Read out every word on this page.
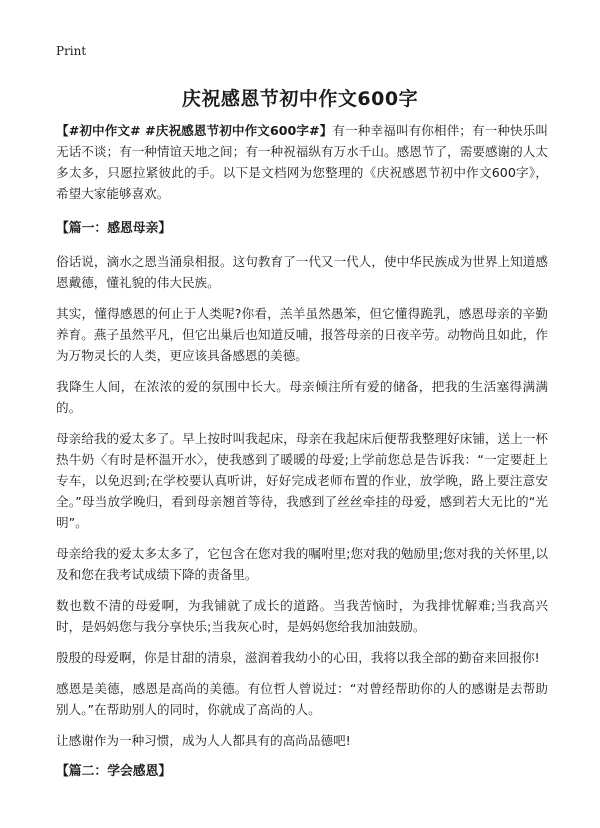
Print
庆祝感恩节初中作文600字

【#初中作文# #庆祝感恩节初中作文600字#】有一种幸福叫有你相伴；有一种快乐叫无话不谈；有一种情谊天地之间；有一种祝福纵有万水千山。感恩节了，需要感谢的人太多太多，只愿拉紧彼此的手。以下是文档网为您整理的《庆祝感恩节初中作文600字》，希望大家能够喜欢。

【篇一：感恩母亲】

俗话说，滴水之恩当涌泉相报。这句教育了一代又一代人，使中华民族成为世界上知道感恩戴德，懂礼貌的伟大民族。

其实，懂得感恩的何止于人类呢?你看，羔羊虽然愚笨，但它懂得跪乳，感恩母亲的辛勤养育。燕子虽然平凡，但它出巢后也知道反哺，报答母亲的日夜辛劳。动物尚且如此，作为万物灵长的人类，更应该具备感恩的美德。

我降生人间，在浓浓的爱的氛围中长大。母亲倾注所有爱的储备，把我的生活塞得满满的。

母亲给我的爱太多了。早上按时叫我起床，母亲在我起床后便帮我整理好床铺，送上一杯热牛奶〈有时是杯温开水〉，使我感到了暖暖的母爱;上学前您总是告诉我：“一定要赶上专车，以免迟到;在学校要认真听讲，好好完成老师布置的作业，放学晚，路上要注意安全。”母当放学晚归，看到母亲翘首等待，我感到了丝丝牵挂的母爱，感到若大无比的“光明”。

母亲给我的爱太多太多了，它包含在您对我的嘱咐里;您对我的勉励里;您对我的关怀里,以及和您在我考试成绩下降的责备里。

数也数不清的母爱啊，为我铺就了成长的道路。当我苦恼时，为我排忧解难;当我高兴时，是妈妈您与我分享快乐;当我灰心时，是妈妈您给我加油鼓励。

殷殷的母爱啊，你是甘甜的清泉，滋润着我幼小的心田，我将以我全部的勤奋来回报你!

感恩是美德，感恩是高尚的美德。有位哲人曾说过：“对曾经帮助你的人的感谢是去帮助别人。”在帮助别人的同时，你就成了高尚的人。

让感谢作为一种习惯，成为人人都具有的高尚品德吧!

【篇二：学会感恩】
